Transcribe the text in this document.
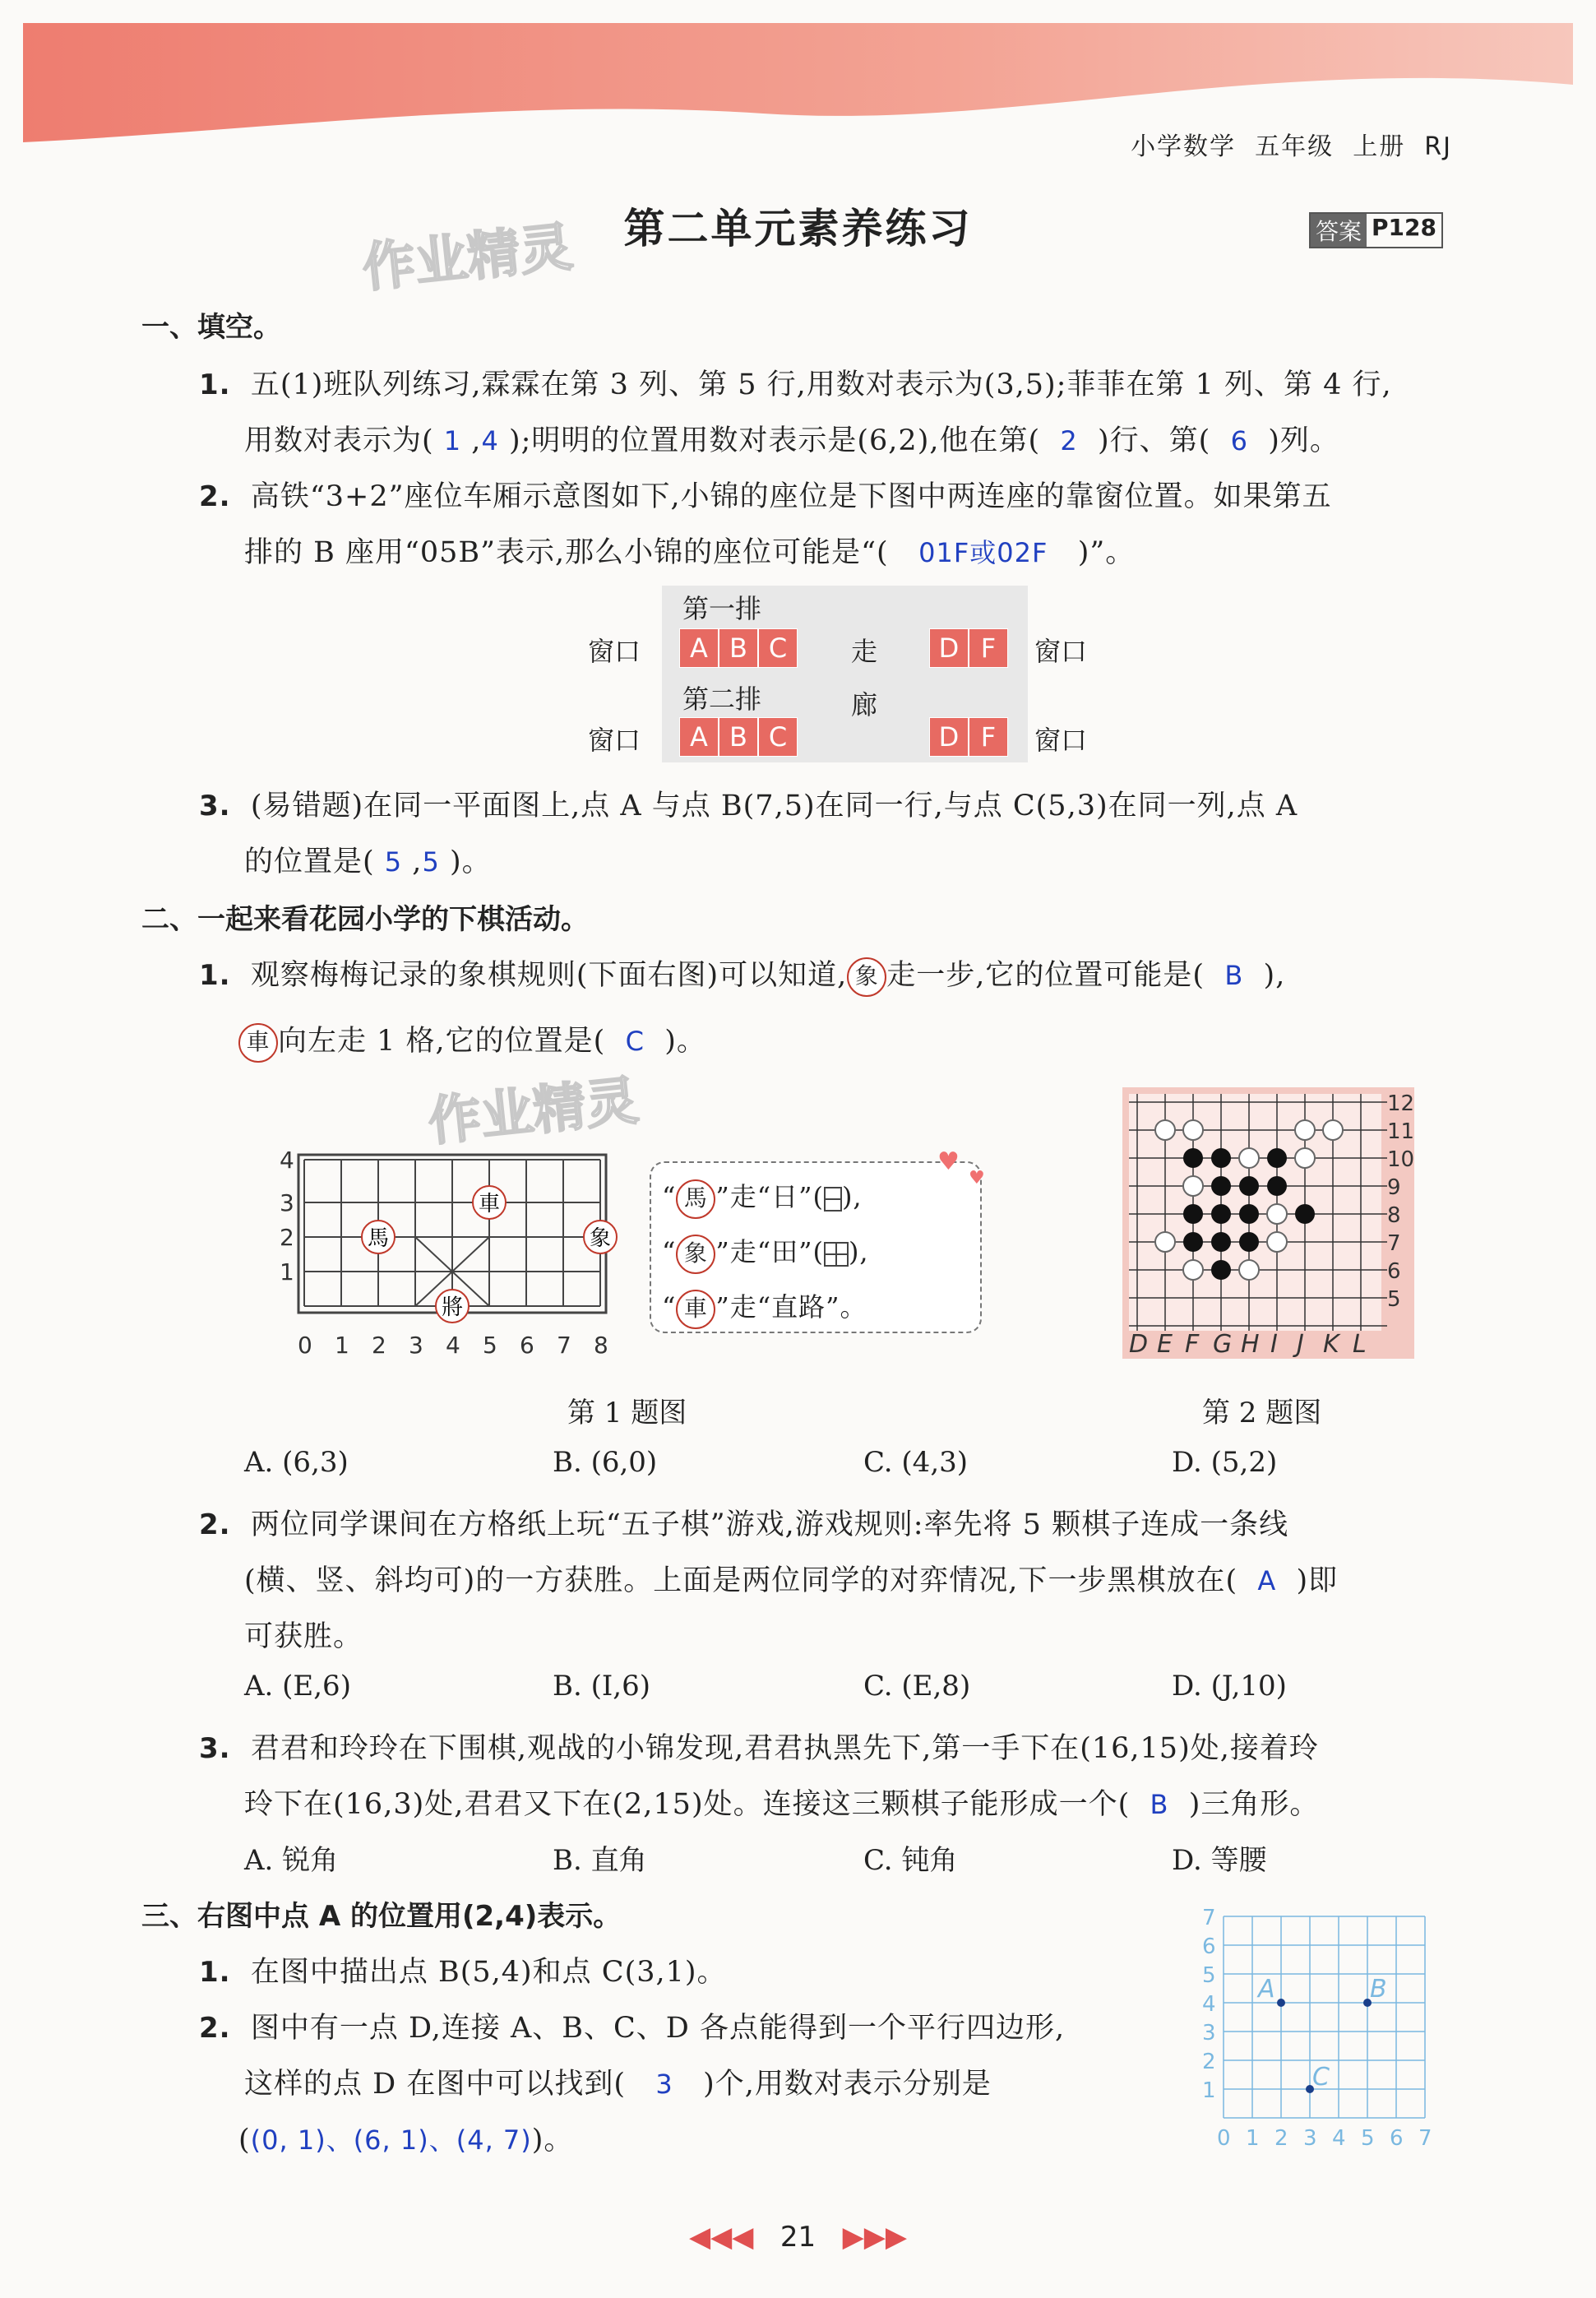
小学数学 五年级 上册 RJ

第二单元素养练习	答案 P128
作业精灵
一、填空。
1. 五(1)班队列练习,霖霖在第 3 列、第 5 行,用数对表示为(3,5);菲菲在第 1 列、第 4 行,
用数对表示为( 1 ,4 );明明的位置用数对表示是(6,2),他在第( 2 )行、第( 6 )列。
2. 高铁“3+2”座位车厢示意图如下,小锦的座位是下图中两连座的靠窗位置。如果第五
排的 B 座用“05B”表示,那么小锦的座位可能是“( 01F或02F )”。
第一排
第二排
窗口
窗口
窗口
窗口
走
廊
A B C	D F
A B C	D F
3. (易错题)在同一平面图上,点 A 与点 B(7,5)在同一行,与点 C(5,3)在同一列,点 A
的位置是( 5 ,5 )。
二、一起来看花园小学的下棋活动。
1. 观察梅梅记录的象棋规则(下面右图)可以知道, 象 走一步,它的位置可能是( B ),
車 向左走 1 格,它的位置是( C )。
作业精灵
4
3
2
1
0 1 2 3 4 5 6 7 8
車
馬	象
將
♥
♥
“ 馬 ”走“日”( ),
“ 象 ”走“田”( ),
“ 車 ”走“直路”。
12
11
10
9
8
7
6
5
D E F G H I J K L
第 1 题图	第 2 题图
A. (6,3)	B. (6,0)	C. (4,3)	D. (5,2)
2. 两位同学课间在方格纸上玩“五子棋”游戏,游戏规则:率先将 5 颗棋子连成一条线
(横、竖、斜均可)的一方获胜。上面是两位同学的对弈情况,下一步黑棋放在( A )即
可获胜。
A. (E,6)	B. (I,6)	C. (E,8)	D. (J,10)
3. 君君和玲玲在下围棋,观战的小锦发现,君君执黑先下,第一手下在(16,15)处,接着玲
玲下在(16,3)处,君君又下在(2,15)处。连接这三颗棋子能形成一个( B )三角形。
A. 锐角	B. 直角	C. 钝角	D. 等腰
三、右图中点 A 的位置用(2,4)表示。
1. 在图中描出点 B(5,4)和点 C(3,1)。
2. 图中有一点 D,连接 A、B、C、D 各点能得到一个平行四边形,
这样的点 D 在图中可以找到( 3 )个,用数对表示分别是
((0, 1)、(6, 1)、(4, 7))。
7
6
5
4
3
2
1
0 1 2 3 4 5 6 7
A	B
C
◀◀◀ 21 ▶▶▶
